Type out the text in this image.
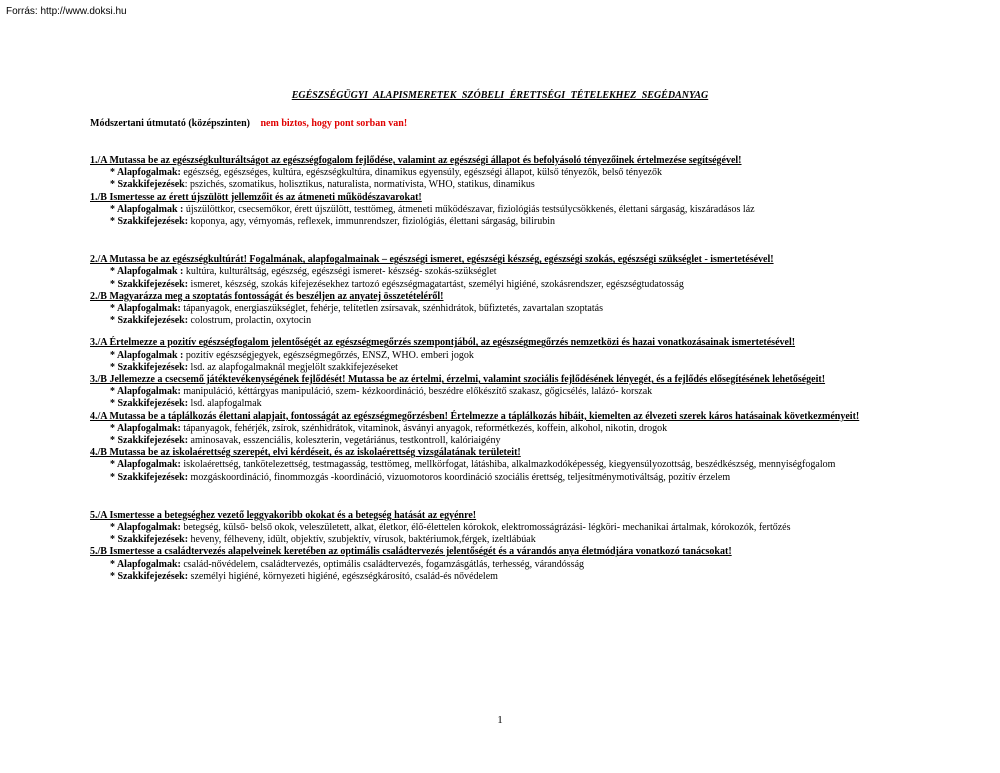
Forrás: http://www.doksi.hu
EGÉSZSÉGÜGYI ALAPISMERETEK SZÓBELI ÉRETTSÉGI TÉTELEKHEZ SEGÉDANYAG
Módszertani útmutató (középszinten) nem biztos, hogy pont sorban van!
1./A Mutassa be az egészségkulturáltságot az egészségfogalom fejlődése, valamint az egészségi állapot és befolyásoló tényezőinek értelmezése segítségével!
* Alapfogalmak: egészség, egészséges, kultúra, egészségkultúra, dinamikus egyensúly, egészségi állapot, külső tényezők, belső tényezők
* Szakkifejezések: pszichés, szomatikus, holisztikus, naturalista, normatívista, WHO, statikus, dinamikus
1./B Ismertesse az érett újszülött jellemzőit és az átmeneti működészavarokat!
* Alapfogalmak : újszülöttkor, csecsemőkor, érett újszülött, testtömeg, átmeneti működészavar, fiziológiás testsúlycsökkenés, élettani sárgaság, kiszáradásos láz
* Szakkifejezések: koponya, agy, vérnyomás, reflexek, immunrendszer, fiziológiás, élettani sárgaság, bilirubin
2./A Mutassa be az egészségkultúrát! Fogalmának, alapfogalmainak – egészségi ismeret, egészségi készség, egészségi szokás, egészségi szükséglet - ismertetésével!
* Alapfogalmak : kultúra, kulturáltság, egészség, egészségi ismeret- készség- szokás-szükséglet
* Szakkifejezések: ismeret, készség, szokás kifejezésekhez tartozó egészségmagatartást, személyi higiéné, szokásrendszer, egészségtudatosság
2./B Magyarázza meg a szoptatás fontosságát és beszéljen az anyatej összetételéről!
* Alapfogalmak: tápanyagok, energiaszükséglet, fehérje, telítetlen zsírsavak, szénhidrátok, bűfiztetés, zavartalan szoptatás
* Szakkifejezések: colostrum, prolactin, oxytocin
3./A Értelmezze a pozitív egészségfogalom jelentőségét az egészségmegőrzés szempontjából, az egészségmegőrzés nemzetközi és hazai vonatkozásainak ismertetésével!
* Alapfogalmak : pozitív egészségjegyek, egészségmegőrzés, ENSZ, WHO. emberi jogok
* Szakkifejezések: lsd. az alapfogalmaknál megjelölt szakkifejezéseket
3./B Jellemezze a csecsemő játéktevékenységének fejlődését! Mutassa be az értelmi, érzelmi, valamint szociális fejlődésének lényegét, és a fejlődés elősegítésének lehetőségeit!
* Alapfogalmak: manipuláció, kéttárgyas manipuláció, szem- kézkoordináció, beszédre előkészítő szakasz, gőgicsélés, lalázó- korszak
* Szakkifejezések: lsd. alapfogalmak
4./A Mutassa be a táplálkozás élettani alapjait, fontosságát az egészségmegőrzésben! Értelmezze a táplálkozás hibáit, kiemelten az élvezeti szerek káros hatásainak következményeit!
* Alapfogalmak: tápanyagok, fehérjék, zsírok, szénhidrátok, vitaminok, ásványi anyagok, reformétkezés, koffein, alkohol, nikotin, drogok
* Szakkifejezések: aminosavak, esszenciális, koleszterin, vegetáriánus, testkontroll, kalóriaigény
4./B Mutassa be az iskolaérettség szerepét, elvi kérdéseit, és az iskolaérettség vizsgálatának területeit!
* Alapfogalmak: iskolaérettség, tankötelezettség, testmagasság, testtömeg, mellkörfogat, látáshiba, alkalmazkodóképesség, kiegyensúlyozottság, beszédkészség, mennyiségfogalom
* Szakkifejezések: mozgáskoordináció, finommozgás -koordináció, vizuomotoros koordináció szociális érettség, teljesítménymotiváltság, pozitív érzelem
5./A Ismertesse a betegséghez vezető leggyakoribb okokat és a betegség hatását az egyénre!
* Alapfogalmak: betegség, külső- belső okok, veleszületett, alkat, életkor, élő-élettelen kórokok, elektromosságrázási- légköri- mechanikai ártalmak, kórokozók, fertőzés
* Szakkifejezések: heveny, félheveny, idült, objektív, szubjektív, vírusok, baktériumok,férgek, ízeltlábúak
5./B Ismertesse a családtervezés alapelveinek keretében az optimális családtervezés jelentőségét és a várandós anya életmódjára vonatkozó tanácsokat!
* Alapfogalmak: család-nővédelem, családtervezés, optimális családtervezés, fogamzásgátlás, terhesség, várandósság
* Szakkifejezések: személyi higiéné, környezeti higiéné, egészségkárosító, család-és nővédelem
1
